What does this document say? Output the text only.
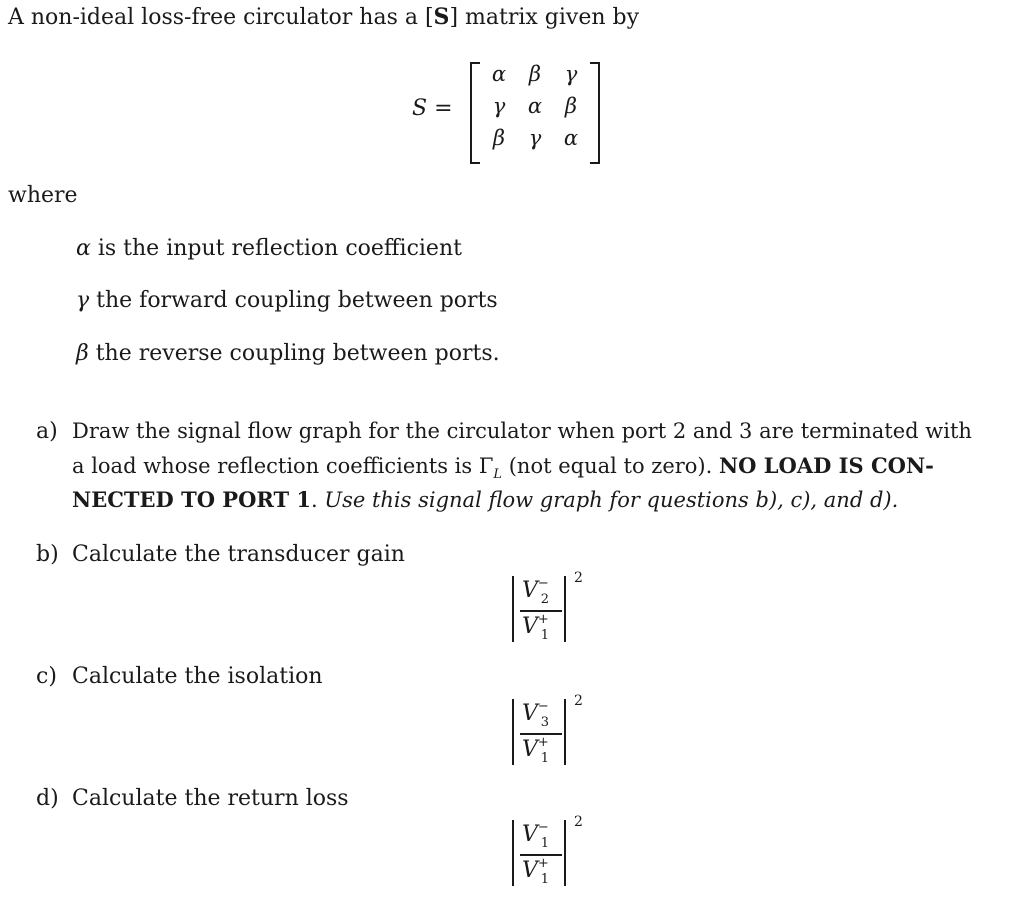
A non-ideal loss-free circulator has a [S] matrix given by
S =
α	β	γ
γ	α	β
β	γ	α
where
α is the input reflection coefficient
γ the forward coupling between ports
β the reverse coupling between ports.
a) Draw the signal flow graph for the circulator when port 2 and 3 are terminated with
a load whose reflection coefficients is $\Gamma_L$ (not equal to zero). NO LOAD IS CON-
NECTED TO PORT 1. Use this signal flow graph for questions b), c), and d).
b) Calculate the transducer gain
$V^-_2$
$V^+_1$
2
c) Calculate the isolation
$V^-_3$
$V^+_1$
2
d) Calculate the return loss
$V^-_1$
$V^+_1$
2
